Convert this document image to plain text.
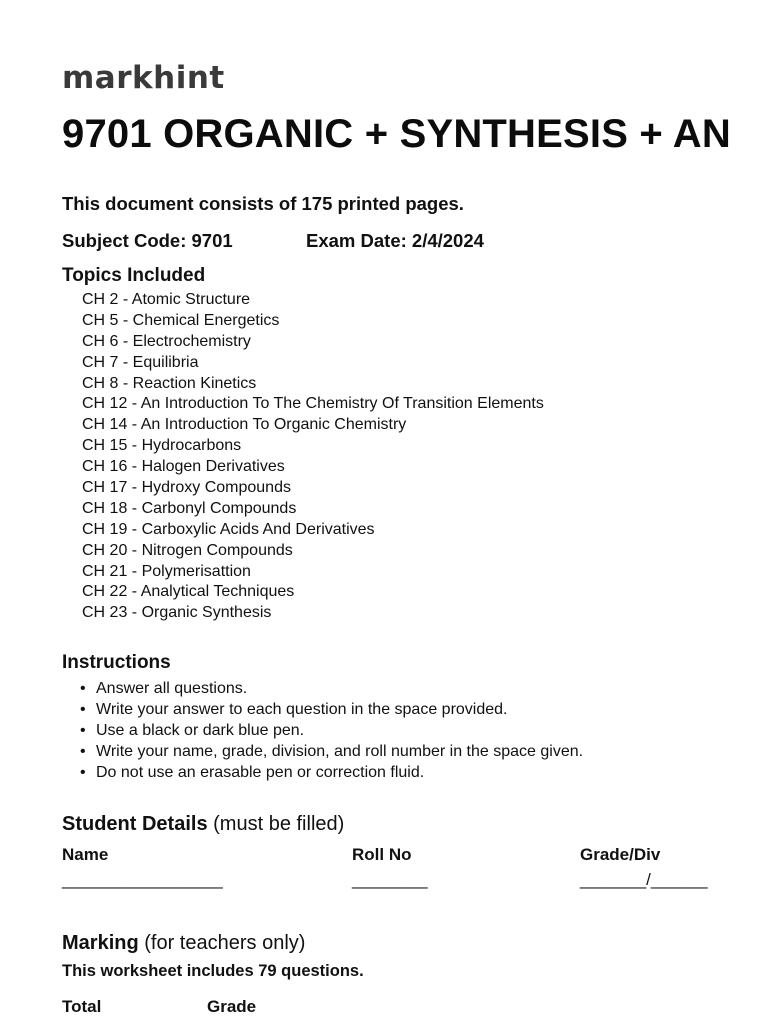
markhint
9701 ORGANIC + SYNTHESIS + AN
This document consists of 175 printed pages.
Subject Code: 9701	Exam Date: 2/4/2024
Topics Included
CH 2 - Atomic Structure
CH 5 - Chemical Energetics
CH 6 - Electrochemistry
CH 7 - Equilibria
CH 8 - Reaction Kinetics
CH 12 - An Introduction To The Chemistry Of Transition Elements
CH 14 - An Introduction To Organic Chemistry
CH 15 - Hydrocarbons
CH 16 - Halogen Derivatives
CH 17 - Hydroxy Compounds
CH 18 - Carbonyl Compounds
CH 19 - Carboxylic Acids And Derivatives
CH 20 - Nitrogen Compounds
CH 21 - Polymerisattion
CH 22 - Analytical Techniques
CH 23 - Organic Synthesis
Instructions
• Answer all questions.
• Write your answer to each question in the space provided.
• Use a black or dark blue pen.
• Write your name, grade, division, and roll number in the space given.
• Do not use an erasable pen or correction fluid.
Student Details (must be filled)
Name
_________________
Roll No
________
Grade/Div
_______/______
Marking (for teachers only)
This worksheet includes 79 questions.
Total	Grade
